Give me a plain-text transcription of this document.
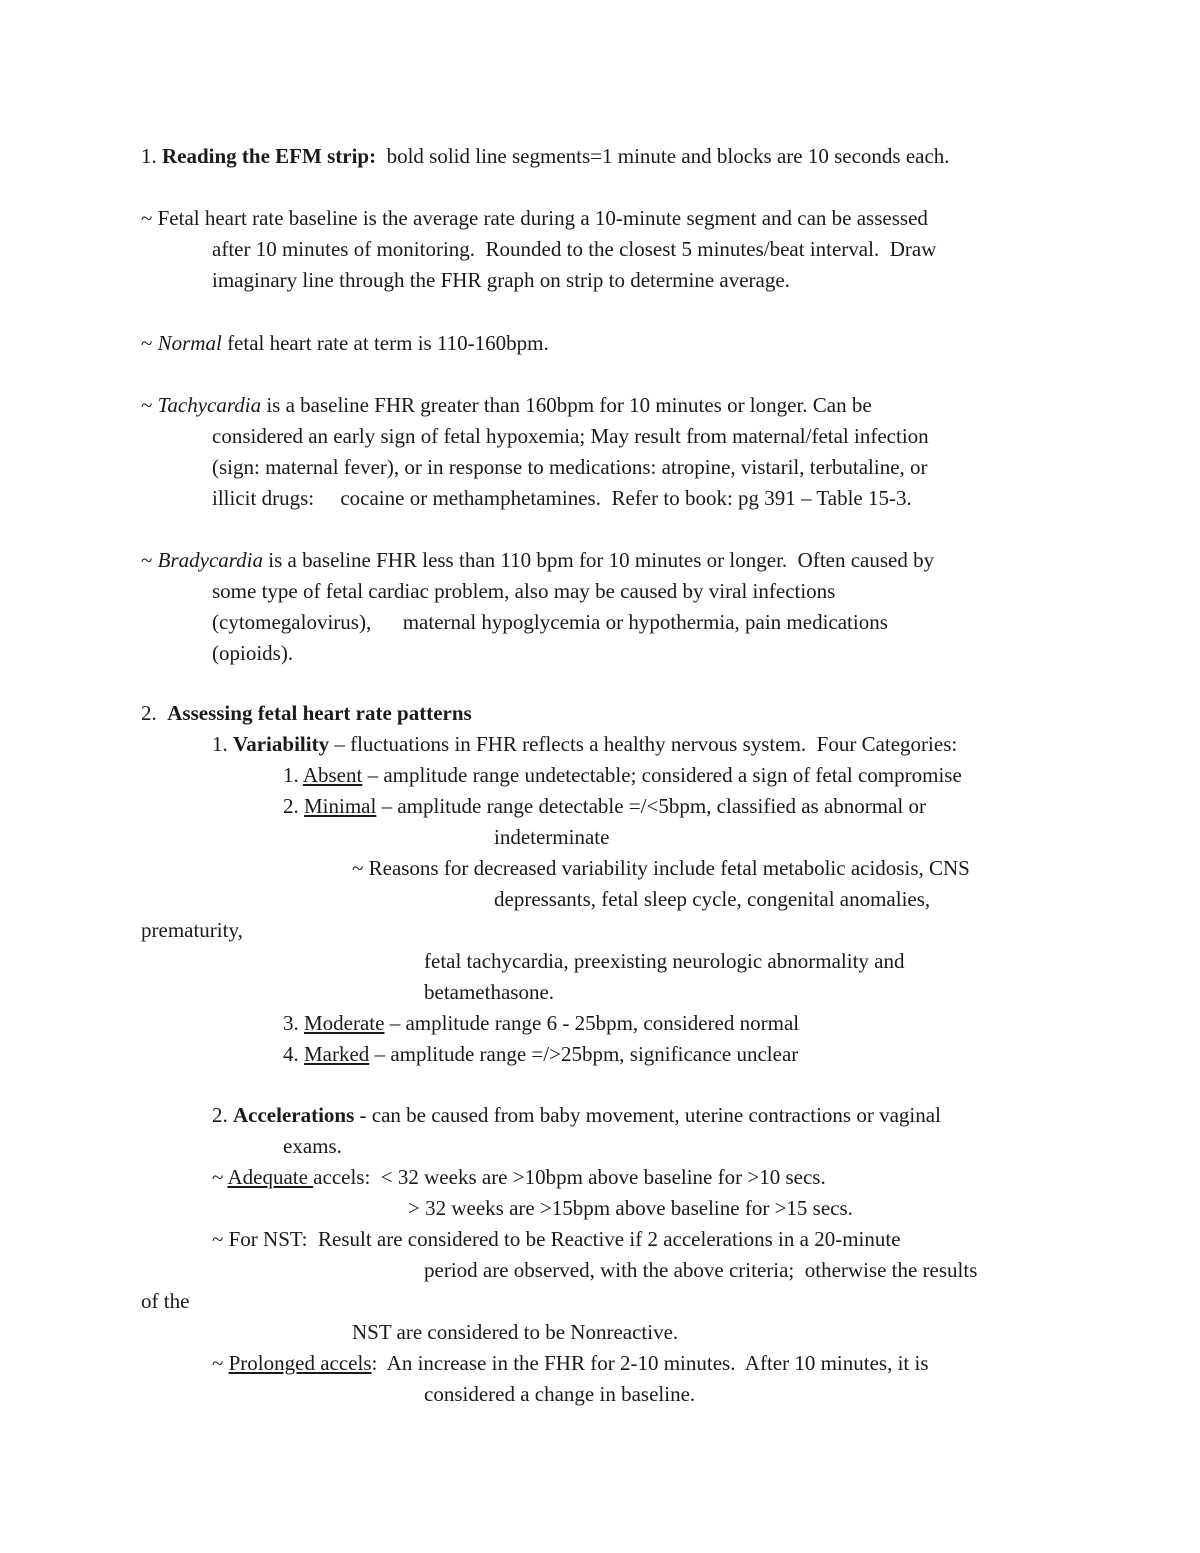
1. Reading the EFM strip: bold solid line segments=1 minute and blocks are 10 seconds each.
~ Fetal heart rate baseline is the average rate during a 10-minute segment and can be assessed
after 10 minutes of monitoring.  Rounded to the closest 5 minutes/beat interval.  Draw
imaginary line through the FHR graph on strip to determine average.
~ Normal fetal heart rate at term is 110-160bpm.
~ Tachycardia is a baseline FHR greater than 160bpm for 10 minutes or longer. Can be
considered an early sign of fetal hypoxemia; May result from maternal/fetal infection
(sign: maternal fever), or in response to medications: atropine, vistaril, terbutaline, or
illicit drugs:     cocaine or methamphetamines.  Refer to book: pg 391 – Table 15-3.
~ Bradycardia is a baseline FHR less than 110 bpm for 10 minutes or longer.  Often caused by
some type of fetal cardiac problem, also may be caused by viral infections
(cytomegalovirus),      maternal hypoglycemia or hypothermia, pain medications
(opioids).
2. Assessing fetal heart rate patterns
1. Variability – fluctuations in FHR reflects a healthy nervous system.  Four Categories:
1. Absent – amplitude range undetectable; considered a sign of fetal compromise
2. Minimal – amplitude range detectable =/<5bpm, classified as abnormal or
indeterminate
~ Reasons for decreased variability include fetal metabolic acidosis, CNS
depressants, fetal sleep cycle, congenital anomalies,
prematurity,
fetal tachycardia, preexisting neurologic abnormality and
betamethasone.
3. Moderate – amplitude range 6 - 25bpm, considered normal
4. Marked – amplitude range =/>25bpm, significance unclear
2. Accelerations - can be caused from baby movement, uterine contractions or vaginal
exams.
~ Adequate accels:  < 32 weeks are >10bpm above baseline for >10 secs.
> 32 weeks are >15bpm above baseline for >15 secs.
~ For NST:  Result are considered to be Reactive if 2 accelerations in a 20-minute
period are observed, with the above criteria;  otherwise the results
of the
NST are considered to be Nonreactive.
~ Prolonged accels:  An increase in the FHR for 2-10 minutes.  After 10 minutes, it is
considered a change in baseline.
